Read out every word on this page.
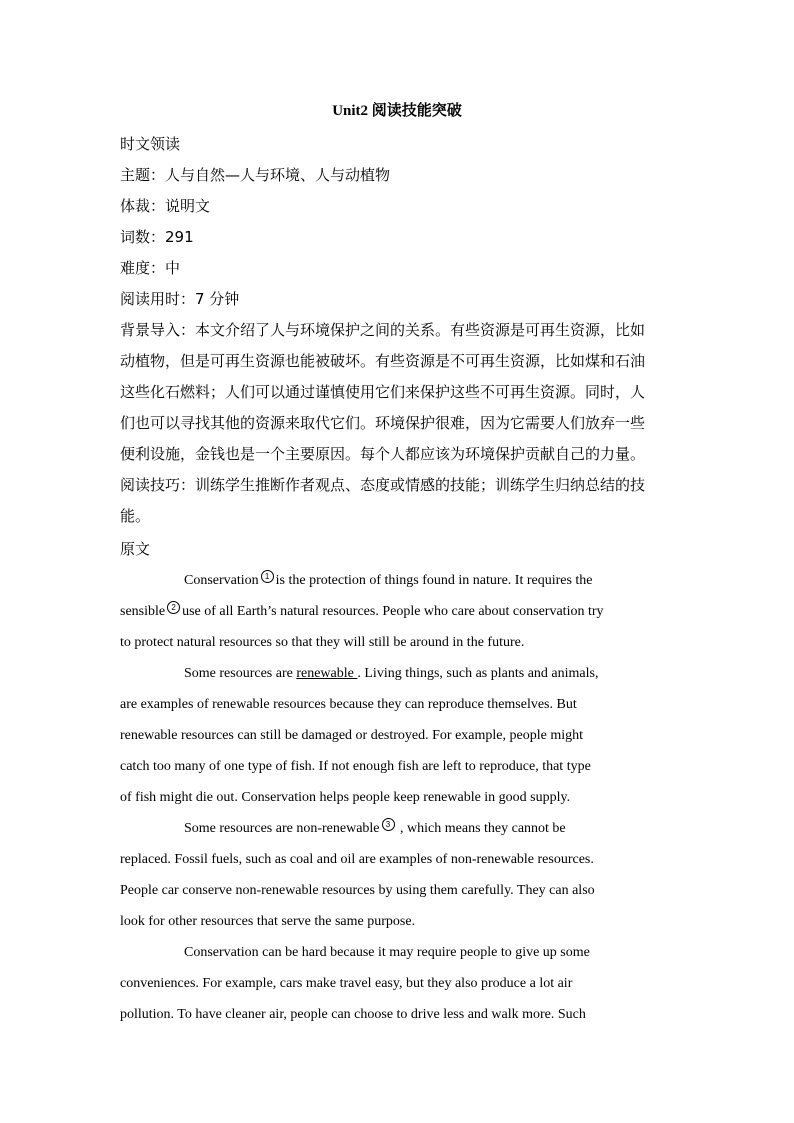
Unit2 阅读技能突破
时文领读
主题：人与自然—人与环境、人与动植物
体裁：说明文
词数：291
难度：中
阅读用时：7 分钟
背景导入：本文介绍了人与环境保护之间的关系。有些资源是可再生资源，比如
动植物，但是可再生资源也能被破坏。有些资源是不可再生资源，比如煤和石油
这些化石燃料；人们可以通过谨慎使用它们来保护这些不可再生资源。同时，人
们也可以寻找其他的资源来取代它们。环境保护很难，因为它需要人们放弃一些
便利设施，金钱也是一个主要原因。每个人都应该为环境保护贡献自己的力量。
阅读技巧：训练学生推断作者观点、态度或情感的技能；训练学生归纳总结的技
能。
原文
Conservation 1 is the protection of things found in nature. It requires the
sensible 2 use of all Earth’s natural resources. People who care about conservation try
to protect natural resources so that they will still be around in the future.
Some resources are renewable . Living things, such as plants and animals,
are examples of renewable resources because they can reproduce themselves. But
renewable resources can still be damaged or destroyed. For example, people might
catch too many of one type of fish. If not enough fish are left to reproduce, that type
of fish might die out. Conservation helps people keep renewable in good supply.
Some resources are non-renewable 3 , which means they cannot be
replaced. Fossil fuels, such as coal and oil are examples of non-renewable resources.
People car conserve non-renewable resources by using them carefully. They can also
look for other resources that serve the same purpose.
Conservation can be hard because it may require people to give up some
conveniences. For example, cars make travel easy, but they also produce a lot air
pollution. To have cleaner air, people can choose to drive less and walk more. Such
